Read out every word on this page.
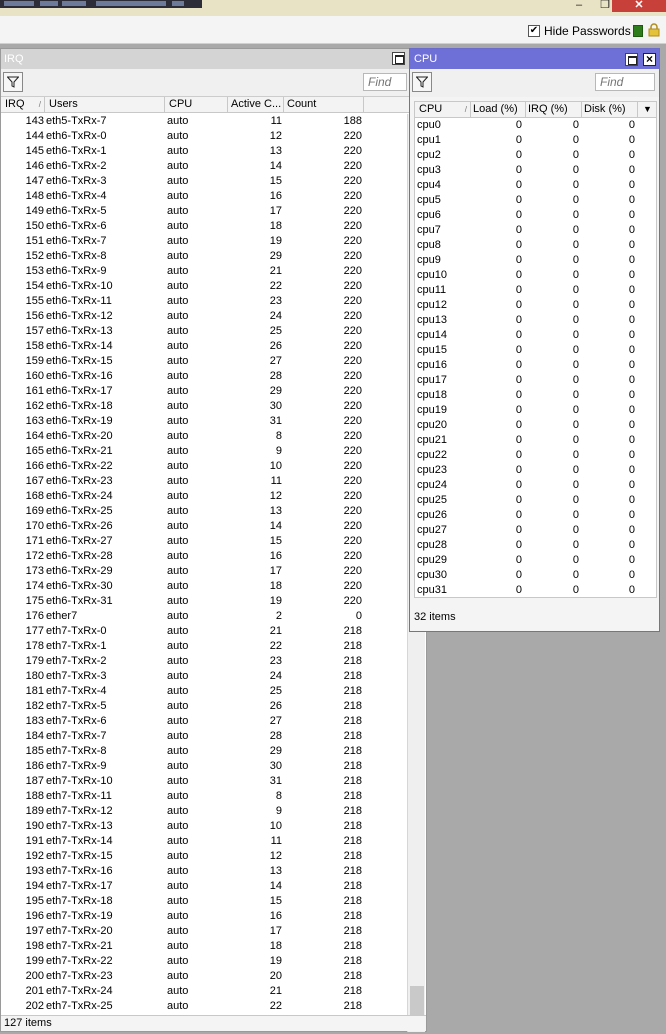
–	❐	✕
✔ Hide Passwords
IRQ
Find
IRQ / Users	CPU	Active C... Count
143 eth5-TxRx-7	auto	11	188
144 eth6-TxRx-0	auto	12	220
145 eth6-TxRx-1	auto	13	220
146 eth6-TxRx-2	auto	14	220
147 eth6-TxRx-3	auto	15	220
148 eth6-TxRx-4	auto	16	220
149 eth6-TxRx-5	auto	17	220
150 eth6-TxRx-6	auto	18	220
151 eth6-TxRx-7	auto	19	220
152 eth6-TxRx-8	auto	29	220
153 eth6-TxRx-9	auto	21	220
154 eth6-TxRx-10	auto	22	220
155 eth6-TxRx-11	auto	23	220
156 eth6-TxRx-12	auto	24	220
157 eth6-TxRx-13	auto	25	220
158 eth6-TxRx-14	auto	26	220
159 eth6-TxRx-15	auto	27	220
160 eth6-TxRx-16	auto	28	220
161 eth6-TxRx-17	auto	29	220
162 eth6-TxRx-18	auto	30	220
163 eth6-TxRx-19	auto	31	220
164 eth6-TxRx-20	auto	8	220
165 eth6-TxRx-21	auto	9	220
166 eth6-TxRx-22	auto	10	220
167 eth6-TxRx-23	auto	11	220
168 eth6-TxRx-24	auto	12	220
169 eth6-TxRx-25	auto	13	220
170 eth6-TxRx-26	auto	14	220
171 eth6-TxRx-27	auto	15	220
172 eth6-TxRx-28	auto	16	220
173 eth6-TxRx-29	auto	17	220
174 eth6-TxRx-30	auto	18	220
175 eth6-TxRx-31	auto	19	220
176 ether7	auto	2	0
177 eth7-TxRx-0	auto	21	218
178 eth7-TxRx-1	auto	22	218
179 eth7-TxRx-2	auto	23	218
180 eth7-TxRx-3	auto	24	218
181 eth7-TxRx-4	auto	25	218
182 eth7-TxRx-5	auto	26	218
183 eth7-TxRx-6	auto	27	218
184 eth7-TxRx-7	auto	28	218
185 eth7-TxRx-8	auto	29	218
186 eth7-TxRx-9	auto	30	218
187 eth7-TxRx-10	auto	31	218
188 eth7-TxRx-11	auto	8	218
189 eth7-TxRx-12	auto	9	218
190 eth7-TxRx-13	auto	10	218
191 eth7-TxRx-14	auto	11	218
192 eth7-TxRx-15	auto	12	218
193 eth7-TxRx-16	auto	13	218
194 eth7-TxRx-17	auto	14	218
195 eth7-TxRx-18	auto	15	218
196 eth7-TxRx-19	auto	16	218
197 eth7-TxRx-20	auto	17	218
198 eth7-TxRx-21	auto	18	218
199 eth7-TxRx-22	auto	19	218
200 eth7-TxRx-23	auto	20	218
201 eth7-TxRx-24	auto	21	218
202 eth7-TxRx-25	auto	22	218
127 items
CPU	×
Find
CPU	/ Load (%) IRQ (%)	Disk (%)	▼
cpu0	0	0	0
cpu1	0	0	0
cpu2	0	0	0
cpu3	0	0	0
cpu4	0	0	0
cpu5	0	0	0
cpu6	0	0	0
cpu7	0	0	0
cpu8	0	0	0
cpu9	0	0	0
cpu10	0	0	0
cpu11	0	0	0
cpu12	0	0	0
cpu13	0	0	0
cpu14	0	0	0
cpu15	0	0	0
cpu16	0	0	0
cpu17	0	0	0
cpu18	0	0	0
cpu19	0	0	0
cpu20	0	0	0
cpu21	0	0	0
cpu22	0	0	0
cpu23	0	0	0
cpu24	0	0	0
cpu25	0	0	0
cpu26	0	0	0
cpu27	0	0	0
cpu28	0	0	0
cpu29	0	0	0
cpu30	0	0	0
cpu31	0	0	0
32 items
